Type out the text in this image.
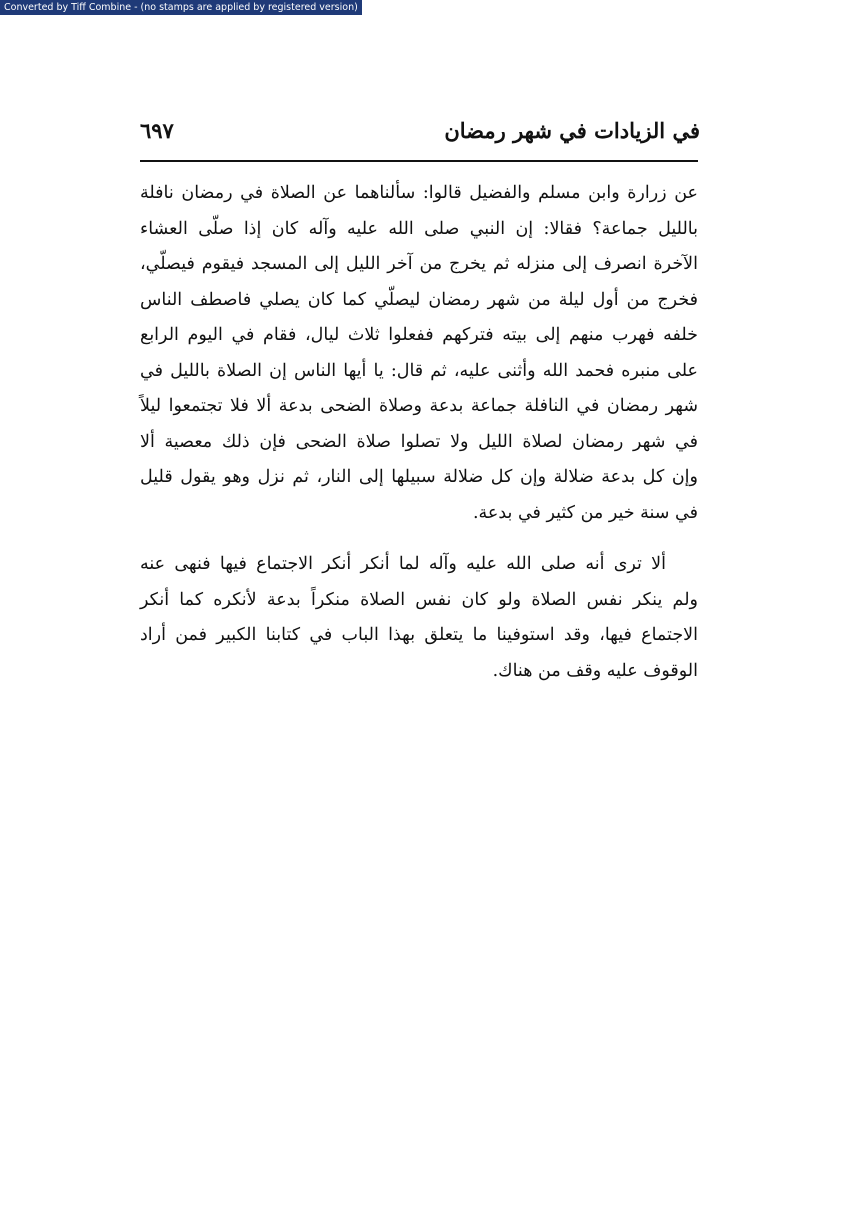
Converted by Tiff Combine - (no stamps are applied by registered version)
في الزيادات في شهر رمضان
٦٩٧

عن زرارة وابن مسلم والفضيل قالوا: سألناهما عن الصلاة في رمضان نافلة
بالليل جماعة؟ فقالا: إن النبي صلى الله عليه وآله كان إذا صلّى العشاء
الآخرة انصرف إلى منزله ثم يخرج من آخر الليل إلى المسجد فيقوم فيصلّي،
فخرج من أول ليلة من شهر رمضان ليصلّي كما كان يصلي فاصطف الناس
خلفه فهرب منهم إلى بيته فتركهم ففعلوا ثلاث ليال، فقام في اليوم الرابع
على منبره فحمد الله وأثنى عليه، ثم قال: يا أيها الناس إن الصلاة بالليل في
شهر رمضان في النافلة جماعة بدعة وصلاة الضحى بدعة ألا فلا تجتمعوا ليلاً
في شهر رمضان لصلاة الليل ولا تصلوا صلاة الضحى فإن ذلك معصية ألا
وإن كل بدعة ضلالة وإن كل ضلالة سبيلها إلى النار، ثم نزل وهو يقول قليل
في سنة خير من كثير في بدعة.

ألا ترى أنه صلى الله عليه وآله لما أنكر أنكر الاجتماع فيها فنهى عنه
ولم ينكر نفس الصلاة ولو كان نفس الصلاة منكراً بدعة لأنكره كما أنكر
الاجتماع فيها، وقد استوفينا ما يتعلق بهذا الباب في كتابنا الكبير فمن أراد
الوقوف عليه وقف من هناك.
